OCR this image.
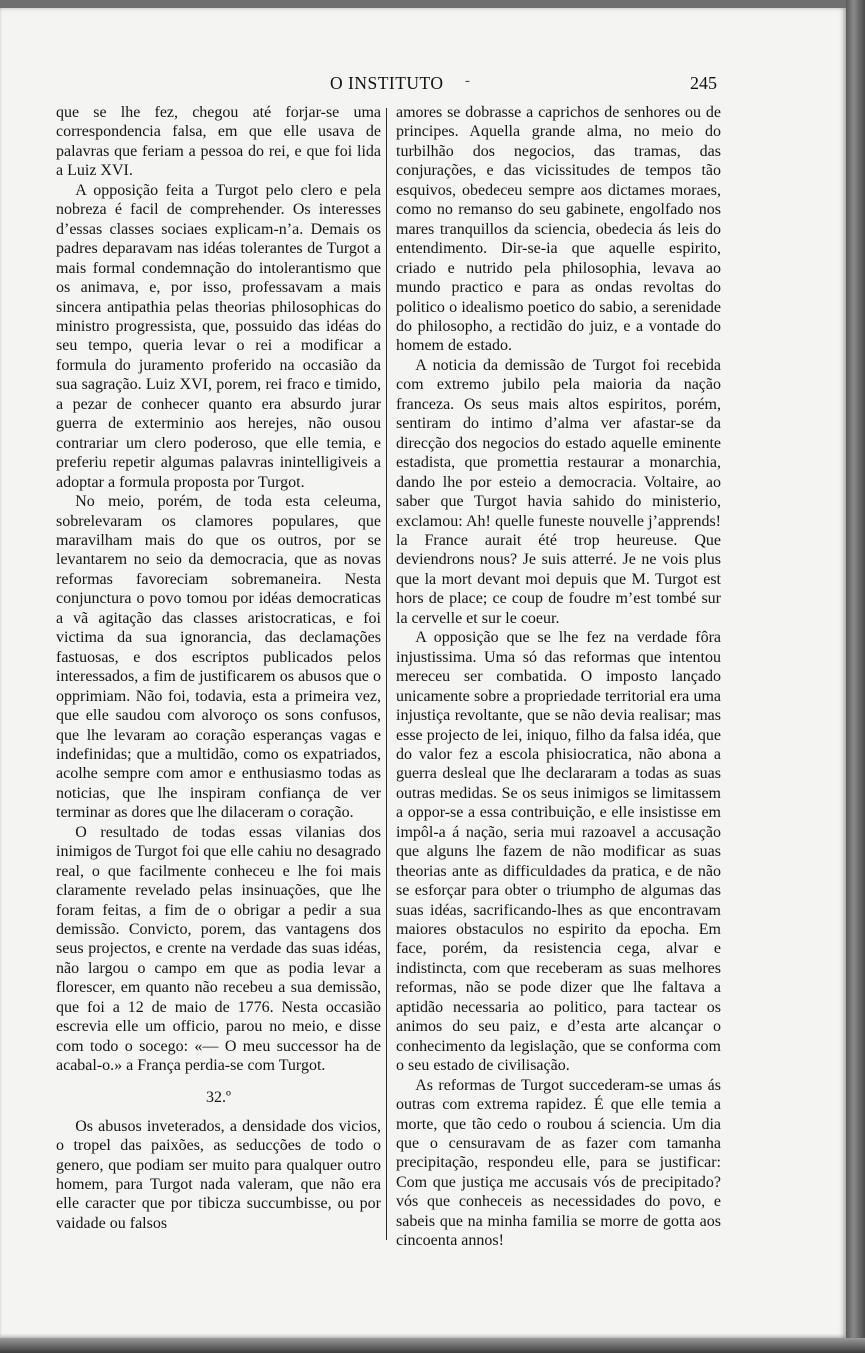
O INSTITUTO -	245

que se lhe fez, chegou até forjar-se uma correspondencia falsa, em que elle usava de palavras que feriam a pessoa do rei, e que foi lida a Luiz XVI.

A opposição feita a Turgot pelo clero e pela nobreza é facil de comprehender. Os interesses d’essas classes sociaes explicam-n’a. Demais os padres deparavam nas idéas tolerantes de Turgot a mais formal condemnação do intolerantismo que os animava, e, por isso, professavam a mais sincera antipathia pelas theorias philosophicas do ministro progressista, que, possuido das idéas do seu tempo, queria levar o rei a modificar a formula do juramento proferido na occasião da sua sagração. Luiz XVI, porem, rei fraco e timido, a pezar de conhecer quanto era absurdo jurar guerra de exterminio aos herejes, não ousou contrariar um clero poderoso, que elle temia, e preferiu repetir algumas palavras inintelligiveis a adoptar a formula proposta por Turgot.

No meio, porém, de toda esta celeuma, sobrelevaram os clamores populares, que maravilham mais do que os outros, por se levantarem no seio da democracia, que as novas reformas favoreciam sobremaneira. Nesta conjunctura o povo tomou por idéas democraticas a vã agitação das classes aristocraticas, e foi victima da sua ignorancia, das declamações fastuosas, e dos escriptos publicados pelos interessados, a fim de justificarem os abusos que o opprimiam. Não foi, todavia, esta a primeira vez, que elle saudou com alvoroço os sons confusos, que lhe levaram ao coração esperanças vagas e indefinidas; que a multidão, como os expatriados, acolhe sempre com amor e enthusiasmo todas as noticias, que lhe inspiram confiança de ver terminar as dores que lhe dilaceram o coração.

O resultado de todas essas vilanias dos inimigos de Turgot foi que elle cahiu no desagrado real, o que facilmente conheceu e lhe foi mais claramente revelado pelas insinuações, que lhe foram feitas, a fim de o obrigar a pedir a sua demissão. Convicto, porem, das vantagens dos seus projectos, e crente na verdade das suas idéas, não largou o campo em que as podia levar a florescer, em quanto não recebeu a sua demissão, que foi a 12 de maio de 1776. Nesta occasião escrevia elle um officio, parou no meio, e disse com todo o socego: «— O meu successor ha de acabal-o.» a França perdia-se com Turgot.

32.º

Os abusos inveterados, a densidade dos vicios, o tropel das paixões, as seducções de todo o genero, que podiam ser muito para qualquer outro homem, para Turgot nada valeram, que não era elle caracter que por tibicza succumbisse, ou por vaidade ou falsos

amores se dobrasse a caprichos de senhores ou de principes. Aquella grande alma, no meio do turbilhão dos negocios, das tramas, das conjurações, e das vicissitudes de tempos tão esquivos, obedeceu sempre aos dictames moraes, como no remanso do seu gabinete, engolfado nos mares tranquillos da sciencia, obedecia ás leis do entendimento. Dir-se-ia que aquelle espirito, criado e nutrido pela philosophia, levava ao mundo practico e para as ondas revoltas do politico o idealismo poetico do sabio, a serenidade do philosopho, a rectidão do juiz, e a vontade do homem de estado.

A noticia da demissão de Turgot foi recebida com extremo jubilo pela maioria da nação franceza. Os seus mais altos espiritos, porém, sentiram do intimo d’alma ver afastar-se da direcção dos negocios do estado aquelle eminente estadista, que promettia restaurar a monarchia, dando lhe por esteio a democracia. Voltaire, ao saber que Turgot havia sahido do ministerio, exclamou: Ah! quelle funeste nouvelle j’apprends! la France aurait été trop heureuse. Que deviendrons nous? Je suis atterré. Je ne vois plus que la mort devant moi depuis que M. Turgot est hors de place; ce coup de foudre m’est tombé sur la cervelle et sur le coeur.

A opposição que se lhe fez na verdade fôra injustissima. Uma só das reformas que intentou mereceu ser combatida. O imposto lançado unicamente sobre a propriedade territorial era uma injustiça revoltante, que se não devia realisar; mas esse projecto de lei, iniquo, filho da falsa idéa, que do valor fez a escola phisiocratica, não abona a guerra desleal que lhe declararam a todas as suas outras medidas. Se os seus inimigos se limitassem a oppor-se a essa contribuição, e elle insistisse em impôl-a á nação, seria mui razoavel a accusação que alguns lhe fazem de não modificar as suas theorias ante as difficuldades da pratica, e de não se esforçar para obter o triumpho de algumas das suas idéas, sacrificando-lhes as que encontravam maiores obstaculos no espirito da epocha. Em face, porém, da resistencia cega, alvar e indistincta, com que receberam as suas melhores reformas, não se pode dizer que lhe faltava a aptidão necessaria ao politico, para tactear os animos do seu paiz, e d’esta arte alcançar o conhecimento da legislação, que se conforma com o seu estado de civilisação.

As reformas de Turgot succederam-se umas ás outras com extrema rapidez. É que elle temia a morte, que tão cedo o roubou á sciencia. Um dia que o censuravam de as fazer com tamanha precipitação, respondeu elle, para se justificar: Com que justiça me accusais vós de precipitado? vós que conheceis as necessidades do povo, e sabeis que na minha familia se morre de gotta aos cincoenta annos!
